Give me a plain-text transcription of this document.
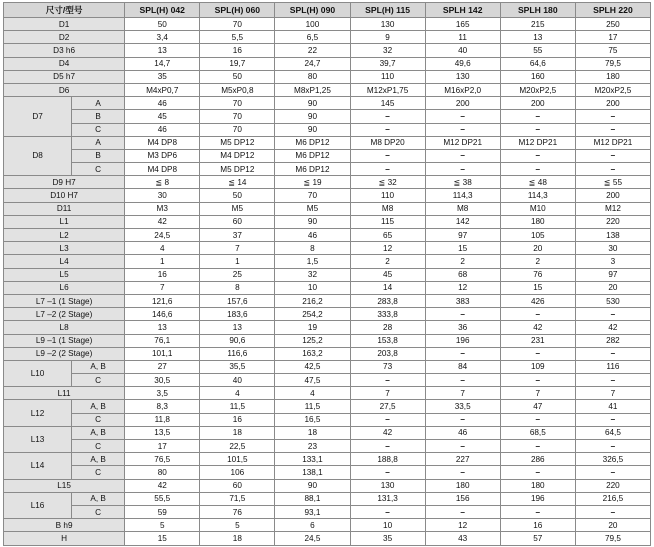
尺寸/型号		SPL(H) 042	SPL(H) 060	SPL(H) 090	SPL(H) 115	SPLH 142	SPLH 180	SPLH 220
D1		50	70	100	130	165	215	250
D2		3,4	5,5	6,5	9	11	13	17
D3 h6		13	16	22	32	40	55	75
D4		14,7	19,7	24,7	39,7	49,6	64,6	79,5
D5 h7		35	50	80	110	130	160	180
D6		M4xP0,7	M5xP0,8	M8xP1,25	M12xP1,75	M16xP2,0	M20xP2,5	M20xP2,5
D7	A	46	70	90	145	200	200	200
	B	45	70	90	–	–	–	–
	C	46	70	90	–	–	–	–
D8	A	M4 DP8	M5 DP12	M6 DP12	M8 DP20	M12 DP21	M12 DP21	M12 DP21
	B	M3 DP6	M4 DP12	M6 DP12	–	–	–	–
	C	M4 DP8	M5 DP12	M6 DP12	–	–	–	–
D9 H7		≦ 8	≦ 14	≦ 19	≦ 32	≦ 38	≦ 48	≦ 55
D10 H7		30	50	70	110	114,3	114,3	200
D11		M3	M5	M5	M8	M8	M10	M12
L1		42	60	90	115	142	180	220
L2		24,5	37	46	65	97	105	138
L3		4	7	8	12	15	20	30
L4		1	1	1,5	2	2	2	3
L5		16	25	32	45	68	76	97
L6		7	8	10	14	12	15	20
L7 –1 (1 Stage)		121,6	157,6	216,2	283,8	383	426	530
L7 –2 (2 Stage)		146,6	183,6	254,2	333,8	–	–	–
L8		13	13	19	28	36	42	42
L9 –1 (1 Stage)		76,1	90,6	125,2	153,8	196	231	282
L9 –2 (2 Stage)		101,1	116,6	163,2	203,8	–	–	–
L10	A, B	27	35,5	42,5	73	84	109	116
	C	30,5	40	47,5	–	–	–	–
L11		3,5	4	4	7	7	7	7
L12	A, B	8,3	11,5	11,5	27,5	33,5	47	41
	C	11,8	16	16,5	–	–	–	–
L13	A, B	13,5	18	18	42	46	68,5	64,5
	C	17	22,5	23	–	–	–	–
L14	A, B	76,5	101,5	133,1	188,8	227	286	326,5
	C	80	106	138,1	–	–	–	–
L15		42	60	90	130	180	180	220
L16	A, B	55,5	71,5	88,1	131,3	156	196	216,5
	C	59	76	93,1	–	–	–	–
B h9		5	5	6	10	12	16	20
H		15	18	24,5	35	43	57	79,5
